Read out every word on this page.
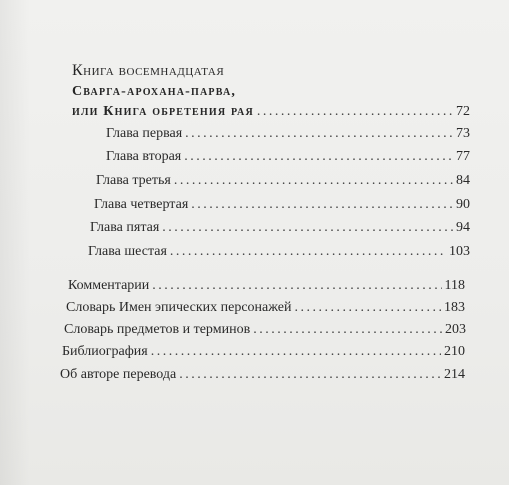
Книга восемнадцатая
Сварга-арохана-парва,
или Книга обретения рая .....	72
Глава первая .....	73
Глава вторая .....	77
Глава третья .....	84
Глава четвертая .....	90
Глава пятая .....	94
Глава шестая .....	103
Комментарии .....	118
Словарь Имен эпических персонажей .....	183
Словарь предметов и терминов .....	203
Библиография .....	210
Об авторе перевода .....	214
